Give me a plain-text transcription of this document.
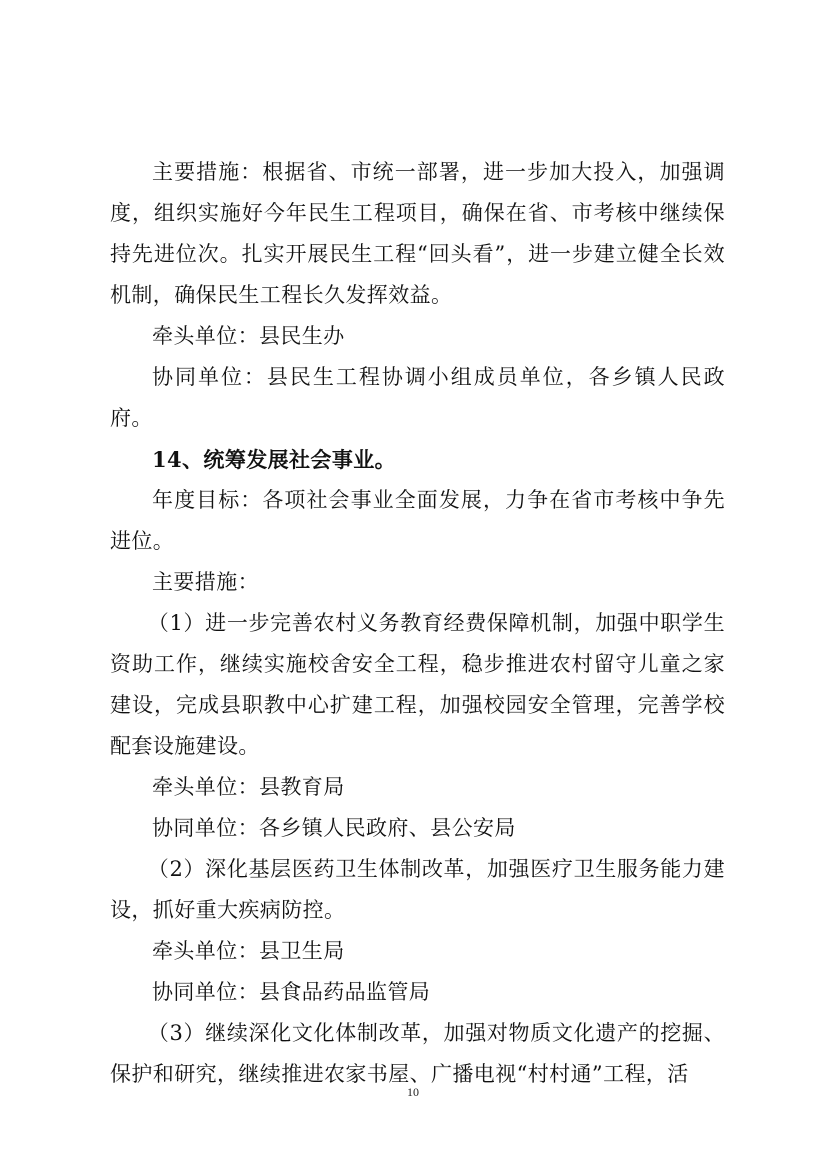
主要措施：根据省、市统一部署，进一步加大投入，加强调度，组织实施好今年民生工程项目，确保在省、市考核中继续保持先进位次。扎实开展民生工程“回头看”，进一步建立健全长效机制，确保民生工程长久发挥效益。

牵头单位：县民生办

协同单位：县民生工程协调小组成员单位，各乡镇人民政府。

14、统筹发展社会事业。

年度目标：各项社会事业全面发展，力争在省市考核中争先进位。

主要措施：

（1）进一步完善农村义务教育经费保障机制，加强中职学生资助工作，继续实施校舍安全工程，稳步推进农村留守儿童之家建设，完成县职教中心扩建工程，加强校园安全管理，完善学校配套设施建设。

牵头单位：县教育局

协同单位：各乡镇人民政府、县公安局

（2）深化基层医药卫生体制改革，加强医疗卫生服务能力建设，抓好重大疾病防控。

牵头单位：县卫生局

协同单位：县食品药品监管局

（3）继续深化文化体制改革，加强对物质文化遗产的挖掘、保护和研究，继续推进农家书屋、广播电视“村村通”工程，活

10
